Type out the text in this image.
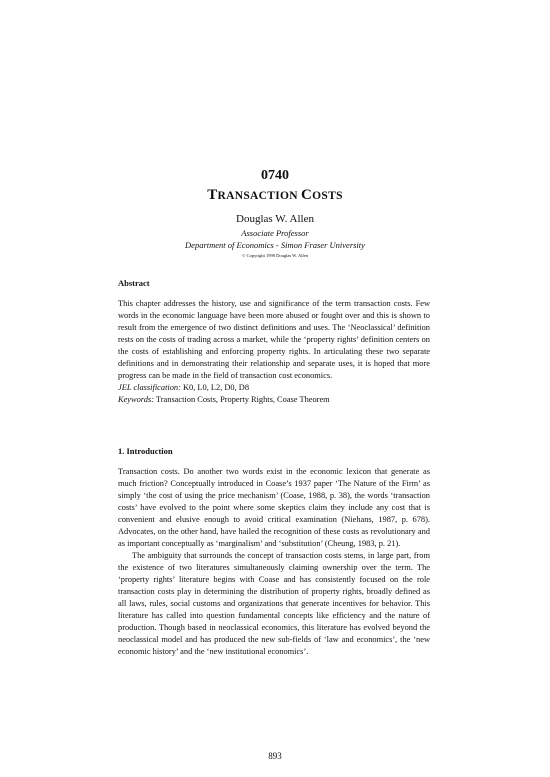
0740
TRANSACTION COSTS
Douglas W. Allen
Associate Professor
Department of Economics - Simon Fraser University
© Copyright 1998 Douglas W. Allen
Abstract

This chapter addresses the history, use and significance of the term transaction costs. Few words in the economic language have been more abused or fought over and this is shown to result from the emergence of two distinct definitions and uses. The ‘Neoclassical’ definition rests on the costs of trading across a market, while the ‘property rights’ definition centers on the costs of establishing and enforcing property rights. In articulating these two separate definitions and in demonstrating their relationship and separate uses, it is hoped that more progress can be made in the field of transaction cost economics.

JEL classification: K0, L0, L2, D0, D8
Keywords: Transaction Costs, Property Rights, Coase Theorem
1. Introduction

Transaction costs. Do another two words exist in the economic lexicon that generate as much friction? Conceptually introduced in Coase’s 1937 paper ‘The Nature of the Firm’ as simply ‘the cost of using the price mechanism’ (Coase, 1988, p. 38), the words ‘transaction costs’ have evolved to the point where some skeptics claim they include any cost that is convenient and elusive enough to avoid critical examination (Niehans, 1987, p. 678). Advocates, on the other hand, have hailed the recognition of these costs as revolutionary and as important conceptually as ‘marginalism’ and ‘substitution’ (Cheung, 1983, p. 21).

The ambiguity that surrounds the concept of transaction costs stems, in large part, from the existence of two literatures simultaneously claiming ownership over the term. The ‘property rights’ literature begins with Coase and has consistently focused on the role transaction costs play in determining the distribution of property rights, broadly defined as all laws, rules, social customs and organizations that generate incentives for behavior. This literature has called into question fundamental concepts like efficiency and the nature of production. Though based in neoclassical economics, this literature has evolved beyond the neoclassical model and has produced the new sub-fields of ‘law and economics’, the ‘new economic history’ and the ‘new institutional economics’.

893
